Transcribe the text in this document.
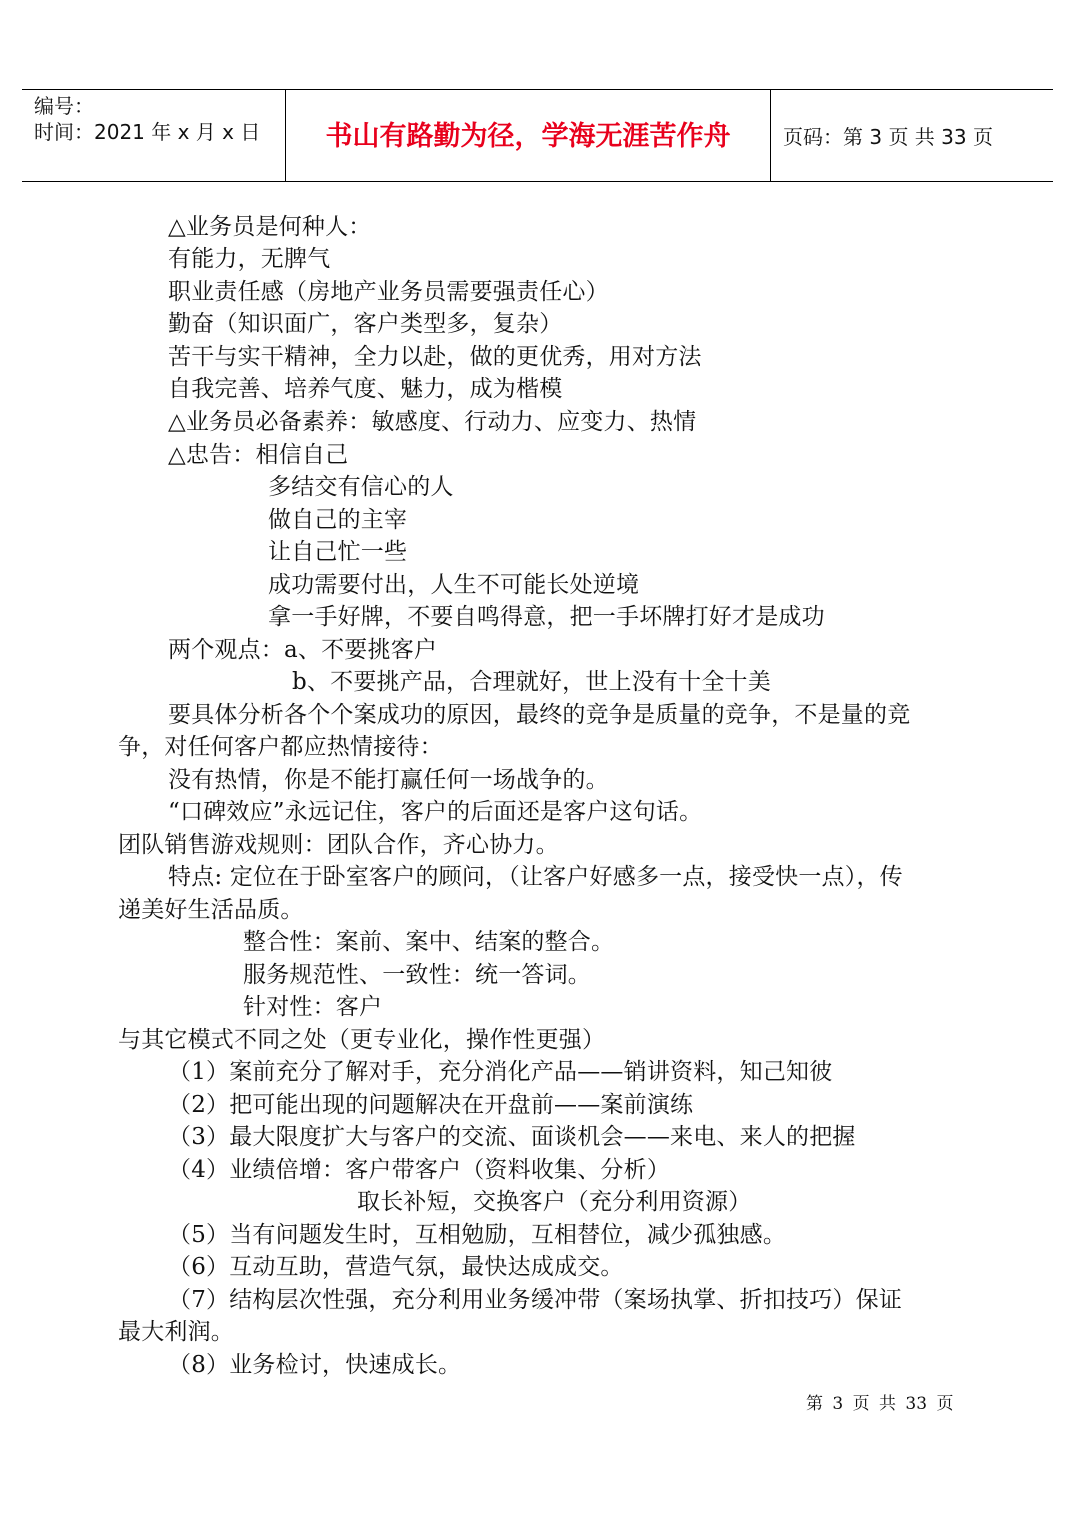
编号：
时间：2021 年 x 月 x 日	书山有路勤为径，学海无涯苦作舟	页码：第 3 页 共 33 页
△业务员是何种人：
有能力，无脾气
职业责任感（房地产业务员需要强责任心）
勤奋（知识面广，客户类型多，复杂）
苦干与实干精神，全力以赴，做的更优秀，用对方法
自我完善、培养气度、魅力，成为楷模
△业务员必备素养：敏感度、行动力、应变力、热情
△忠告：相信自己
多结交有信心的人
做自己的主宰
让自己忙一些
成功需要付出，人生不可能长处逆境
拿一手好牌，不要自鸣得意，把一手坏牌打好才是成功
两个观点：a、不要挑客户
b、不要挑产品，合理就好，世上没有十全十美
要具体分析各个个案成功的原因，最终的竞争是质量的竞争，不是量的竞
争，对任何客户都应热情接待：
没有热情，你是不能打赢任何一场战争的。
“口碑效应”永远记住，客户的后面还是客户这句话。
团队销售游戏规则：团队合作，齐心协力。
特点: 定位在于卧室客户的顾问，（让客户好感多一点，接受快一点），传
递美好生活品质。
整合性：案前、案中、结案的整合。
服务规范性、一致性：统一答词。
针对性：客户
与其它模式不同之处（更专业化，操作性更强）
（1）案前充分了解对手，充分消化产品——销讲资料，知己知彼
（2）把可能出现的问题解决在开盘前——案前演练
（3）最大限度扩大与客户的交流、面谈机会——来电、来人的把握
（4）业绩倍增：客户带客户（资料收集、分析）
取长补短，交换客户（充分利用资源）
（5）当有问题发生时，互相勉励，互相替位，减少孤独感。
（6）互动互助，营造气氛，最快达成成交。
（7）结构层次性强，充分利用业务缓冲带（案场执掌、折扣技巧）保证
最大利润。
（8）业务检讨，快速成长。
第 3 页 共 33 页
